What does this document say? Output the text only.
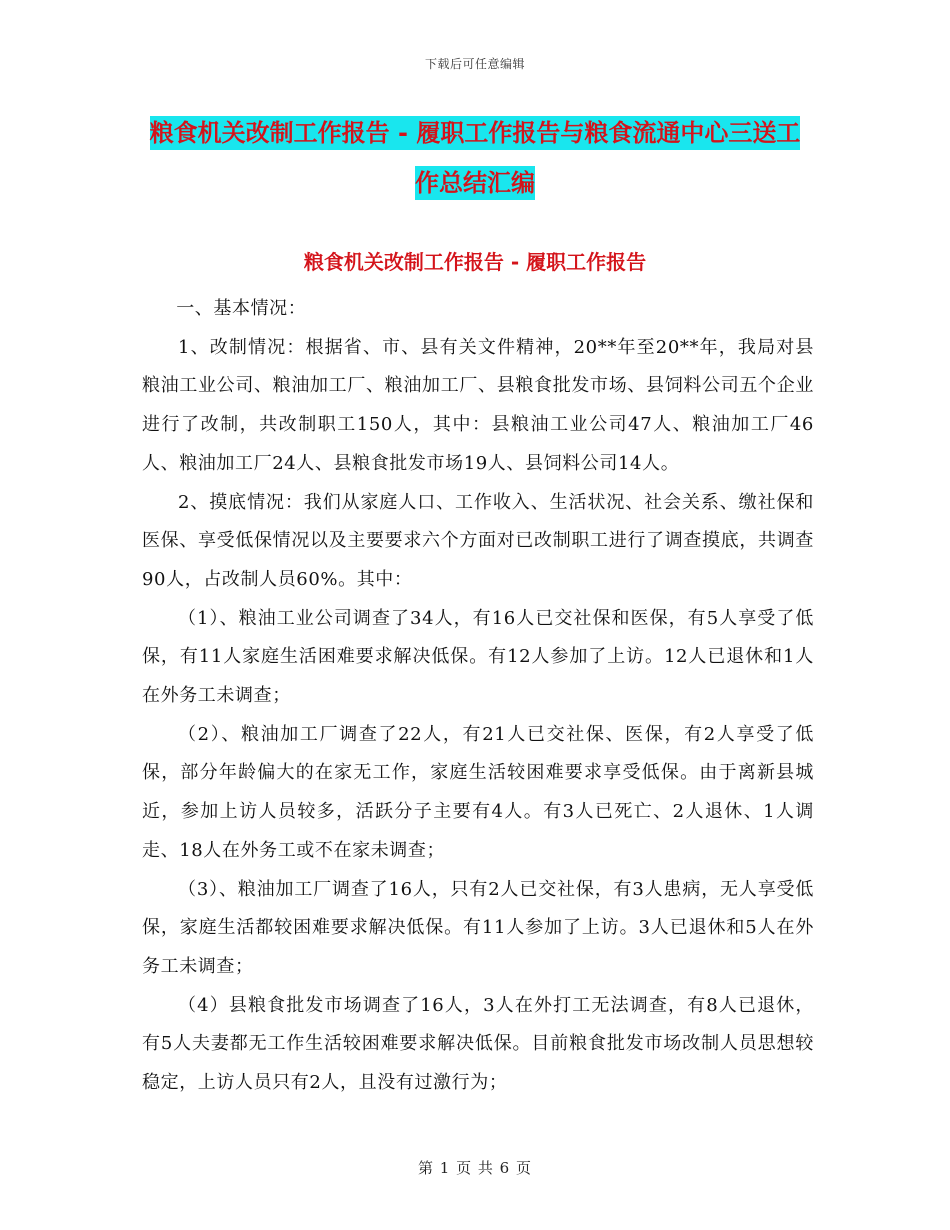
下载后可任意编辑
粮食机关改制工作报告 - 履职工作报告与粮食流通中心三送工作总结汇编
粮食机关改制工作报告 - 履职工作报告

一、基本情况：

1、改制情况：根据省、市、县有关文件精神，20**年至20**年，我局对县粮油工业公司、粮油加工厂、粮油加工厂、县粮食批发市场、县饲料公司五个企业进行了改制，共改制职工150人，其中：县粮油工业公司47人、粮油加工厂46人、粮油加工厂24人、县粮食批发市场19人、县饲料公司14人。

2、摸底情况：我们从家庭人口、工作收入、生活状况、社会关系、缴社保和医保、享受低保情况以及主要要求六个方面对已改制职工进行了调查摸底，共调查90人，占改制人员60%。其中：

（1）、粮油工业公司调查了34人，有16人已交社保和医保，有5人享受了低保，有11人家庭生活困难要求解决低保。有12人参加了上访。12人已退休和1人在外务工未调查；

（2）、粮油加工厂调查了22人，有21人已交社保、医保，有2人享受了低保，部分年龄偏大的在家无工作，家庭生活较困难要求享受低保。由于离新县城近，参加上访人员较多，活跃分子主要有4人。有3人已死亡、2人退休、1人调走、18人在外务工或不在家未调查；

（3）、粮油加工厂调查了16人，只有2人已交社保，有3人患病，无人享受低保，家庭生活都较困难要求解决低保。有11人参加了上访。3人已退休和5人在外务工未调查；

（4）县粮食批发市场调查了16人，3人在外打工无法调查，有8人已退休，有5人夫妻都无工作生活较困难要求解决低保。目前粮食批发市场改制人员思想较稳定，上访人员只有2人，且没有过激行为；

第 1 页 共 6 页
